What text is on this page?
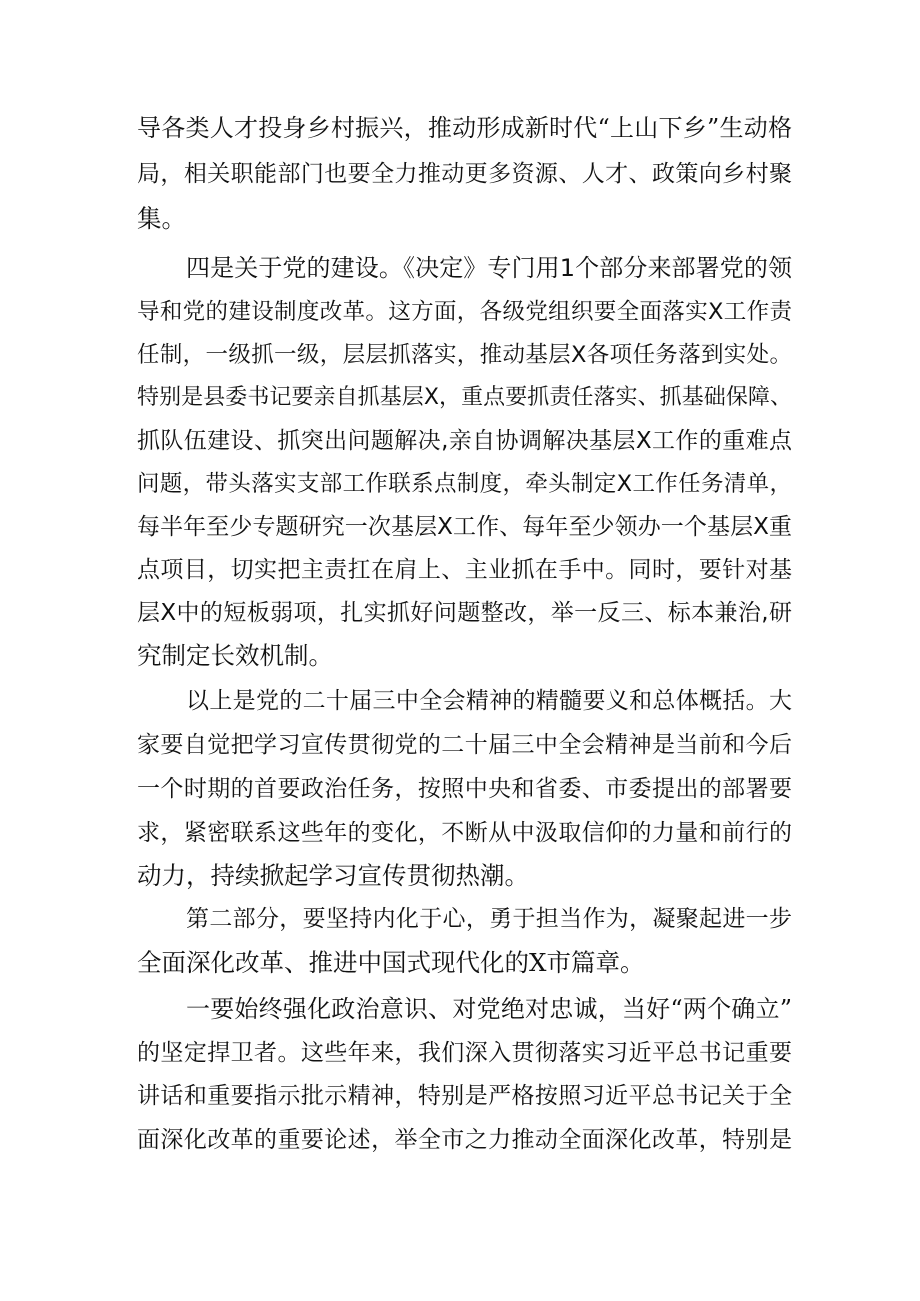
导各类人才投身乡村振兴，推动形成新时代“上山下乡”生动格
局，相关职能部门也要全力推动更多资源、人才、政策向乡村聚
集。
四是关于党的建设。《决定》专门用1个部分来部署党的领
导和党的建设制度改革。这方面，各级党组织要全面落实X工作责
任制，一级抓一级，层层抓落实，推动基层X各项任务落到实处。
特别是县委书记要亲自抓基层X，重点要抓责任落实、抓基础保障、
抓队伍建设、抓突出问题解决,亲自协调解决基层X工作的重难点
问题，带头落实支部工作联系点制度，牵头制定X工作任务清单，
每半年至少专题研究一次基层X工作、每年至少领办一个基层X重
点项目，切实把主责扛在肩上、主业抓在手中。同时，要针对基
层X中的短板弱项，扎实抓好问题整改，举一反三、标本兼治,研
究制定长效机制。
以上是党的二十届三中全会精神的精髓要义和总体概括。大
家要自觉把学习宣传贯彻党的二十届三中全会精神是当前和今后
一个时期的首要政治任务，按照中央和省委、市委提出的部署要
求，紧密联系这些年的变化，不断从中汲取信仰的力量和前行的
动力，持续掀起学习宣传贯彻热潮。
第二部分，要坚持内化于心，勇于担当作为，凝聚起进一步
全面深化改革、推进中国式现代化的X市篇章。
一要始终强化政治意识、对党绝对忠诚，当好“两个确立”
的坚定捍卫者。这些年来，我们深入贯彻落实习近平总书记重要
讲话和重要指示批示精神，特别是严格按照习近平总书记关于全
面深化改革的重要论述，举全市之力推动全面深化改革，特别是
